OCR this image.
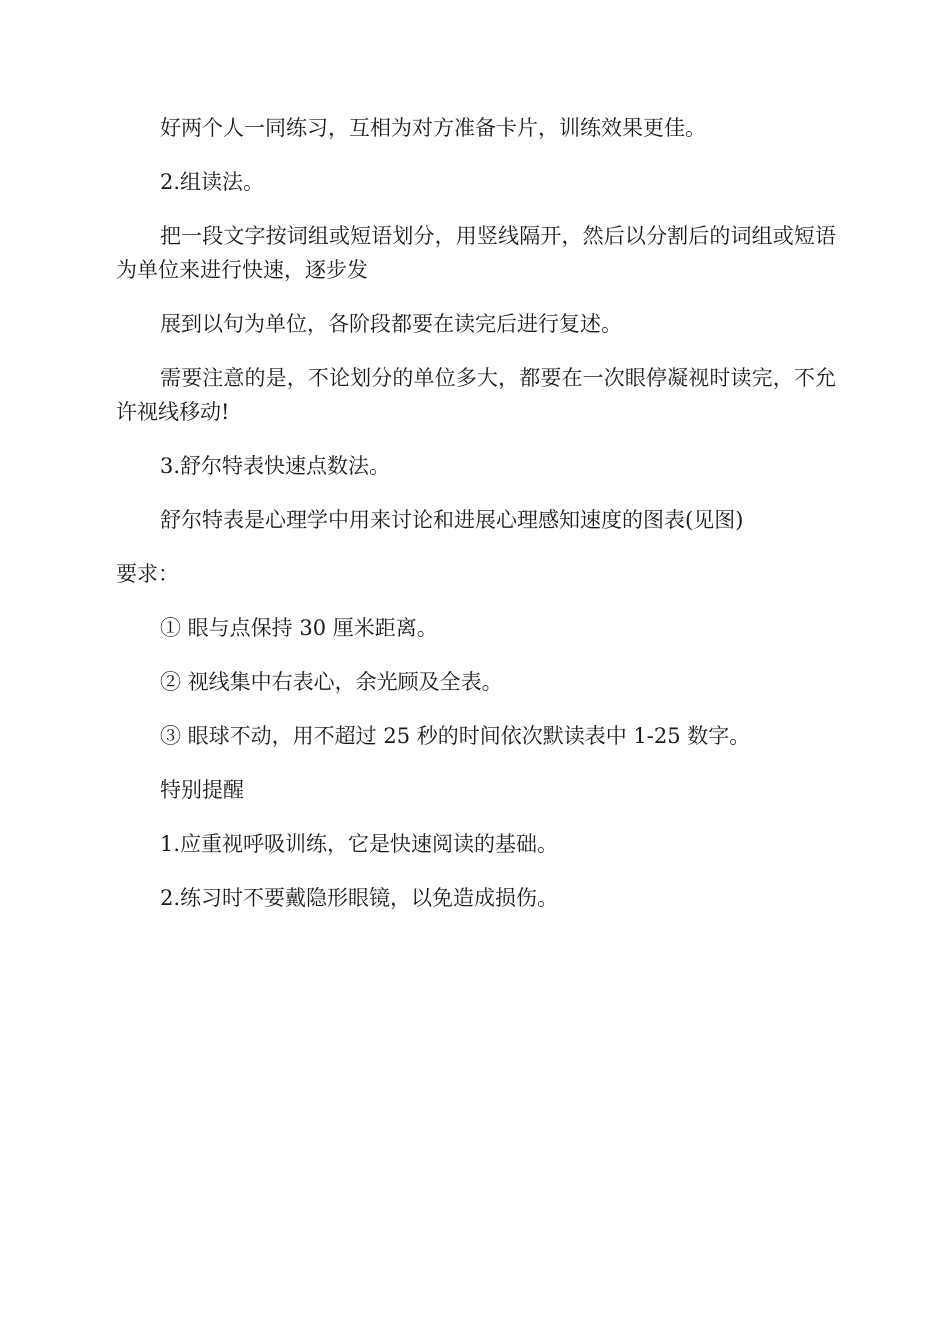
好两个人一同练习，互相为对方准备卡片，训练效果更佳。

2.组读法。

把一段文字按词组或短语划分，用竖线隔开，然后以分割后的词组或短语为单位来进行快速，逐步发

展到以句为单位，各阶段都要在读完后进行复述。

需要注意的是，不论划分的单位多大，都要在一次眼停凝视时读完，不允许视线移动!

3.舒尔特表快速点数法。

舒尔特表是心理学中用来讨论和进展心理感知速度的图表(见图)

要求：

① 眼与点保持 30 厘米距离。

② 视线集中右表心，余光顾及全表。

③ 眼球不动，用不超过 25 秒的时间依次默读表中 1-25 数字。

特别提醒

1.应重视呼吸训练，它是快速阅读的基础。

2.练习时不要戴隐形眼镜，以免造成损伤。
